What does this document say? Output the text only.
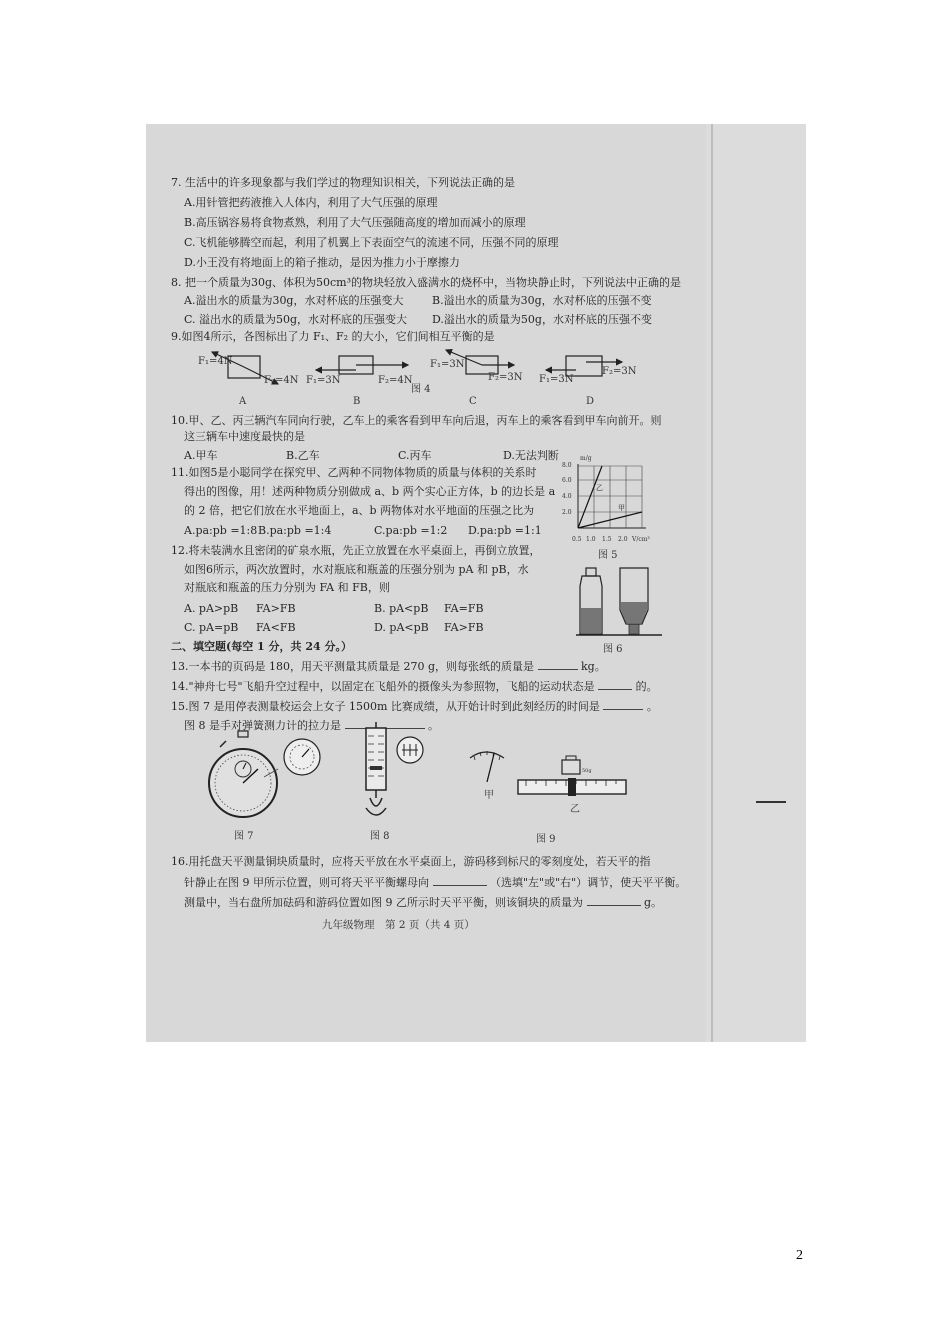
7. 生活中的许多现象都与我们学过的物理知识相关，下列说法正确的是
A.用针管把药液推入人体内，利用了大气压强的原理
B.高压锅容易将食物煮熟，利用了大气压强随高度的增加而减小的原理
C.飞机能够腾空而起，利用了机翼上下表面空气的流速不同，压强不同的原理
D.小王没有将地面上的箱子推动，是因为推力小于摩擦力
8. 把一个质量为30g、体积为50cm³的物块轻放入盛满水的烧杯中，当物块静止时，下列说法中正确的是
A.溢出水的质量为30g，水对杯底的压强变大	B.溢出水的质量为30g，水对杯底的压强不变
C. 溢出水的质量为50g，水对杯底的压强变大 D.溢出水的质量为50g，水对杯底的压强不变
9.如图4所示，各图标出了力 F₁、F₂ 的大小，它们间相互平衡的是
F₁=4N
F₂=4N F₁=3N	F₂=4N
F₁=3N
F₂=3N F₁=3N
F₂=3N
图 4
A	B	C	D
10.甲、乙、丙三辆汽车同向行驶，乙车上的乘客看到甲车向后退，丙车上的乘客看到甲车向前开。则
这三辆车中速度最快的是
A.甲车	B.乙车	C.丙车	D.无法判断
11.如图5是小聪同学在探究甲、乙两种不同物体物质的质量与体积的关系时
得出的图像，用！述两种物质分别做成 a、b 两个实心正方体，b 的边长是 a
的 2 倍，把它们放在水平地面上，a、b 两物体对水平地面的压强之比为
A.pa:pb =1:8 B.pa:pb =1:4	C.pa:pb =1:2 D.pa:pb =1:1
8.0
6.0
4.0
2.0
m/g
乙
甲
0.5 1.0 1.5 2.0 V/cm³
图 5
12.将未装满水且密闭的矿泉水瓶，先正立放置在水平桌面上，再倒立放置，
如图6所示，两次放置时，水对瓶底和瓶盖的压强分别为 pA 和 pB，水
对瓶底和瓶盖的压力分别为 FA 和 FB，则
A. pA>pB FA>FB	B. pA<pB FA=FB
C. pA=pB FA<FB	D. pA<pB FA>FB
图 6
二、填空题(每空 1 分，共 24 分。）
13.一本书的页码是 180，用天平测量其质量是 270 g，则每张纸的质量是	kg。
14."神舟七号"飞船升空过程中，以固定在飞船外的摄像头为参照物，飞船的运动状态是	的。
15.图 7 是用停表测量校运会上女子 1500m 比赛成绩，从开始计时到此刻经历的时间是	。
图 8 是手对弹簧测力计的拉力是	。
图 7	图 8
甲
50g
乙
图 9
16.用托盘天平测量铜块质量时，应将天平放在水平桌面上，游码移到标尺的零刻度处，若天平的指
针静止在图 9 甲所示位置，则可将天平平衡螺母向	（选填"左"或"右"）调节，使天平平衡。
测量中，当右盘所加砝码和游码位置如图 9 乙所示时天平平衡，则该铜块的质量为	g。
九年级物理　第 2 页（共 4 页）
2
